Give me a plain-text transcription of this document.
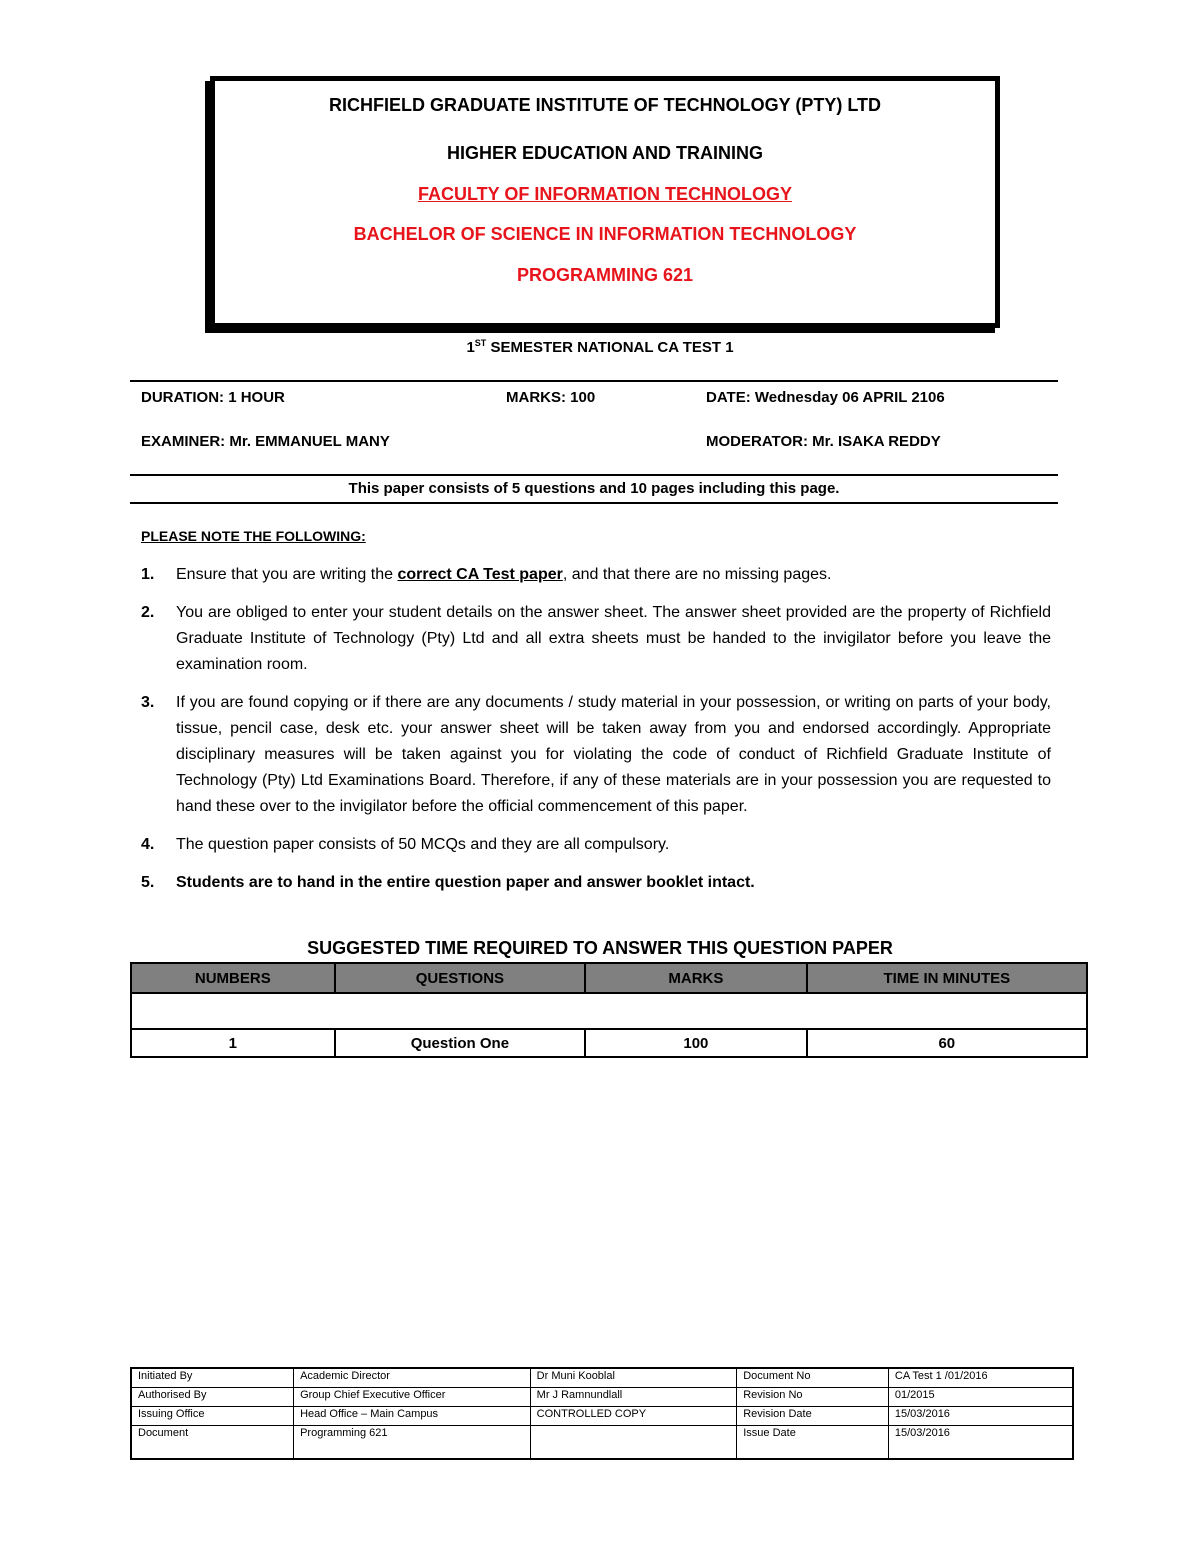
RICHFIELD GRADUATE INSTITUTE OF TECHNOLOGY (PTY) LTD
HIGHER EDUCATION AND TRAINING
FACULTY OF INFORMATION TECHNOLOGY
BACHELOR OF SCIENCE IN INFORMATION TECHNOLOGY
PROGRAMMING 621
1ST SEMESTER NATIONAL CA TEST 1
DURATION: 1 HOUR	MARKS: 100	DATE: Wednesday 06 APRIL 2106
EXAMINER: Mr. EMMANUEL MANY	MODERATOR: Mr. ISAKA REDDY
This paper consists of 5 questions and 10 pages including this page.
PLEASE NOTE THE FOLLOWING:
1. Ensure that you are writing the correct CA Test paper, and that there are no missing pages.
2. You are obliged to enter your student details on the answer sheet. The answer sheet provided are the property of Richfield Graduate Institute of Technology (Pty) Ltd and all extra sheets must be handed to the invigilator before you leave the examination room.
3. If you are found copying or if there are any documents / study material in your possession, or writing on parts of your body, tissue, pencil case, desk etc. your answer sheet will be taken away from you and endorsed accordingly. Appropriate disciplinary measures will be taken against you for violating the code of conduct of Richfield Graduate Institute of Technology (Pty) Ltd Examinations Board. Therefore, if any of these materials are in your possession you are requested to hand these over to the invigilator before the official commencement of this paper.
4. The question paper consists of 50 MCQs and they are all compulsory.
5. Students are to hand in the entire question paper and answer booklet intact.
SUGGESTED TIME REQUIRED TO ANSWER THIS QUESTION PAPER
NUMBERS	QUESTIONS	MARKS	TIME IN MINUTES

1	Question One	100	60
Initiated By	Academic Director	Dr Muni Kooblal	Document No	CA Test 1 /01/2016
Authorised By	Group Chief Executive Officer	Mr J Ramnundlall	Revision No	01/2015
Issuing Office	Head Office – Main Campus	CONTROLLED COPY	Revision Date	15/03/2016
Document	Programming 621		Issue Date	15/03/2016
